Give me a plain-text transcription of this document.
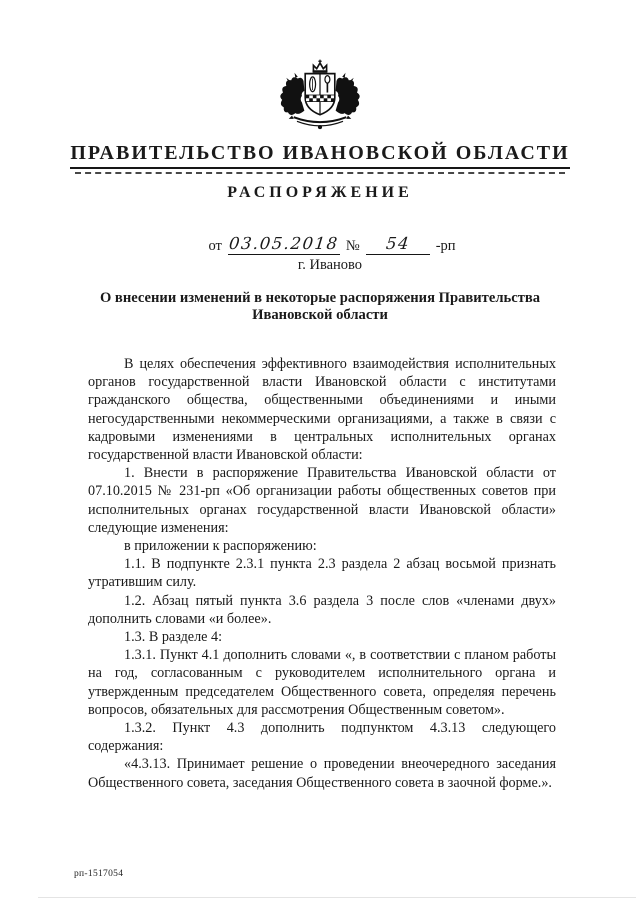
ПРАВИТЕЛЬСТВО ИВАНОВСКОЙ ОБЛАСТИ
РАСПОРЯЖЕНИЕ
от 03.05.2018 № 54 -рп
г. Иваново
О внесении изменений в некоторые распоряжения Правительства Ивановской области

В целях обеспечения эффективного взаимодействия исполнительных органов государственной власти Ивановской области с институтами гражданского общества, общественными объединениями и иными негосударственными некоммерческими организациями, а также в связи с кадровыми изменениями в центральных исполнительных органах государственной власти Ивановской области:

1. Внести в распоряжение Правительства Ивановской области от 07.10.2015 № 231-рп «Об организации работы общественных советов при исполнительных органах государственной власти Ивановской области» следующие изменения:

в приложении к распоряжению:

1.1. В подпункте 2.3.1 пункта 2.3 раздела 2 абзац восьмой признать утратившим силу.

1.2. Абзац пятый пункта 3.6 раздела 3 после слов «членами двух» дополнить словами «и более».

1.3. В разделе 4:

1.3.1. Пункт 4.1 дополнить словами «, в соответствии с планом работы на год, согласованным с руководителем исполнительного органа и утвержденным председателем Общественного совета, определяя перечень вопросов, обязательных для рассмотрения Общественным советом».

1.3.2. Пункт 4.3 дополнить подпунктом 4.3.13 следующего содержания:

«4.3.13. Принимает решение о проведении внеочередного заседания Общественного совета, заседания Общественного совета в заочной форме.».

рп-1517054
